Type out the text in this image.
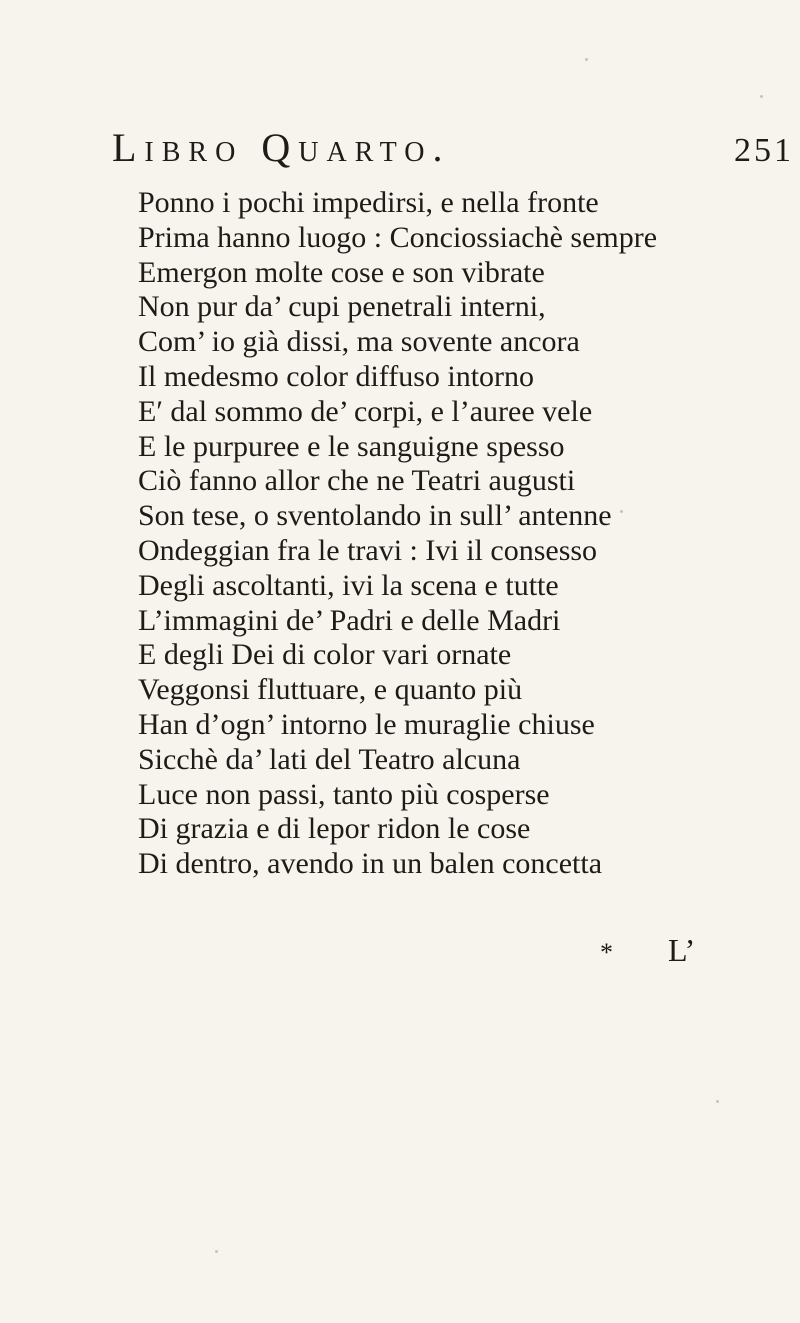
Libro Quarto.	251
Ponno i pochi impedirsi, e nella fronte
Prima hanno luogo : Conciossiachè sempre
Emergon molte cose e son vibrate
Non pur da’ cupi penetrali interni,
Com’ io già dissi, ma sovente ancora
Il medesmo color diffuso intorno
E′ dal sommo de’ corpi, e l’auree vele
E le purpuree e le sanguigne spesso
Ciò fanno allor che ne Teatri augusti
Son tese, o sventolando in sull’ antenne
Ondeggian fra le travi : Ivi il consesso
Degli ascoltanti, ivi la scena e tutte
L’immagini de’ Padri e delle Madri
E degli Dei di color vari ornate
Veggonsi fluttuare, e quanto più
Han d’ogn’ intorno le muraglie chiuse
Sicchè da’ lati del Teatro alcuna
Luce non passi, tanto più cosperse
Di grazia e di lepor ridon le cose
Di dentro, avendo in un balen concetta
* L’
